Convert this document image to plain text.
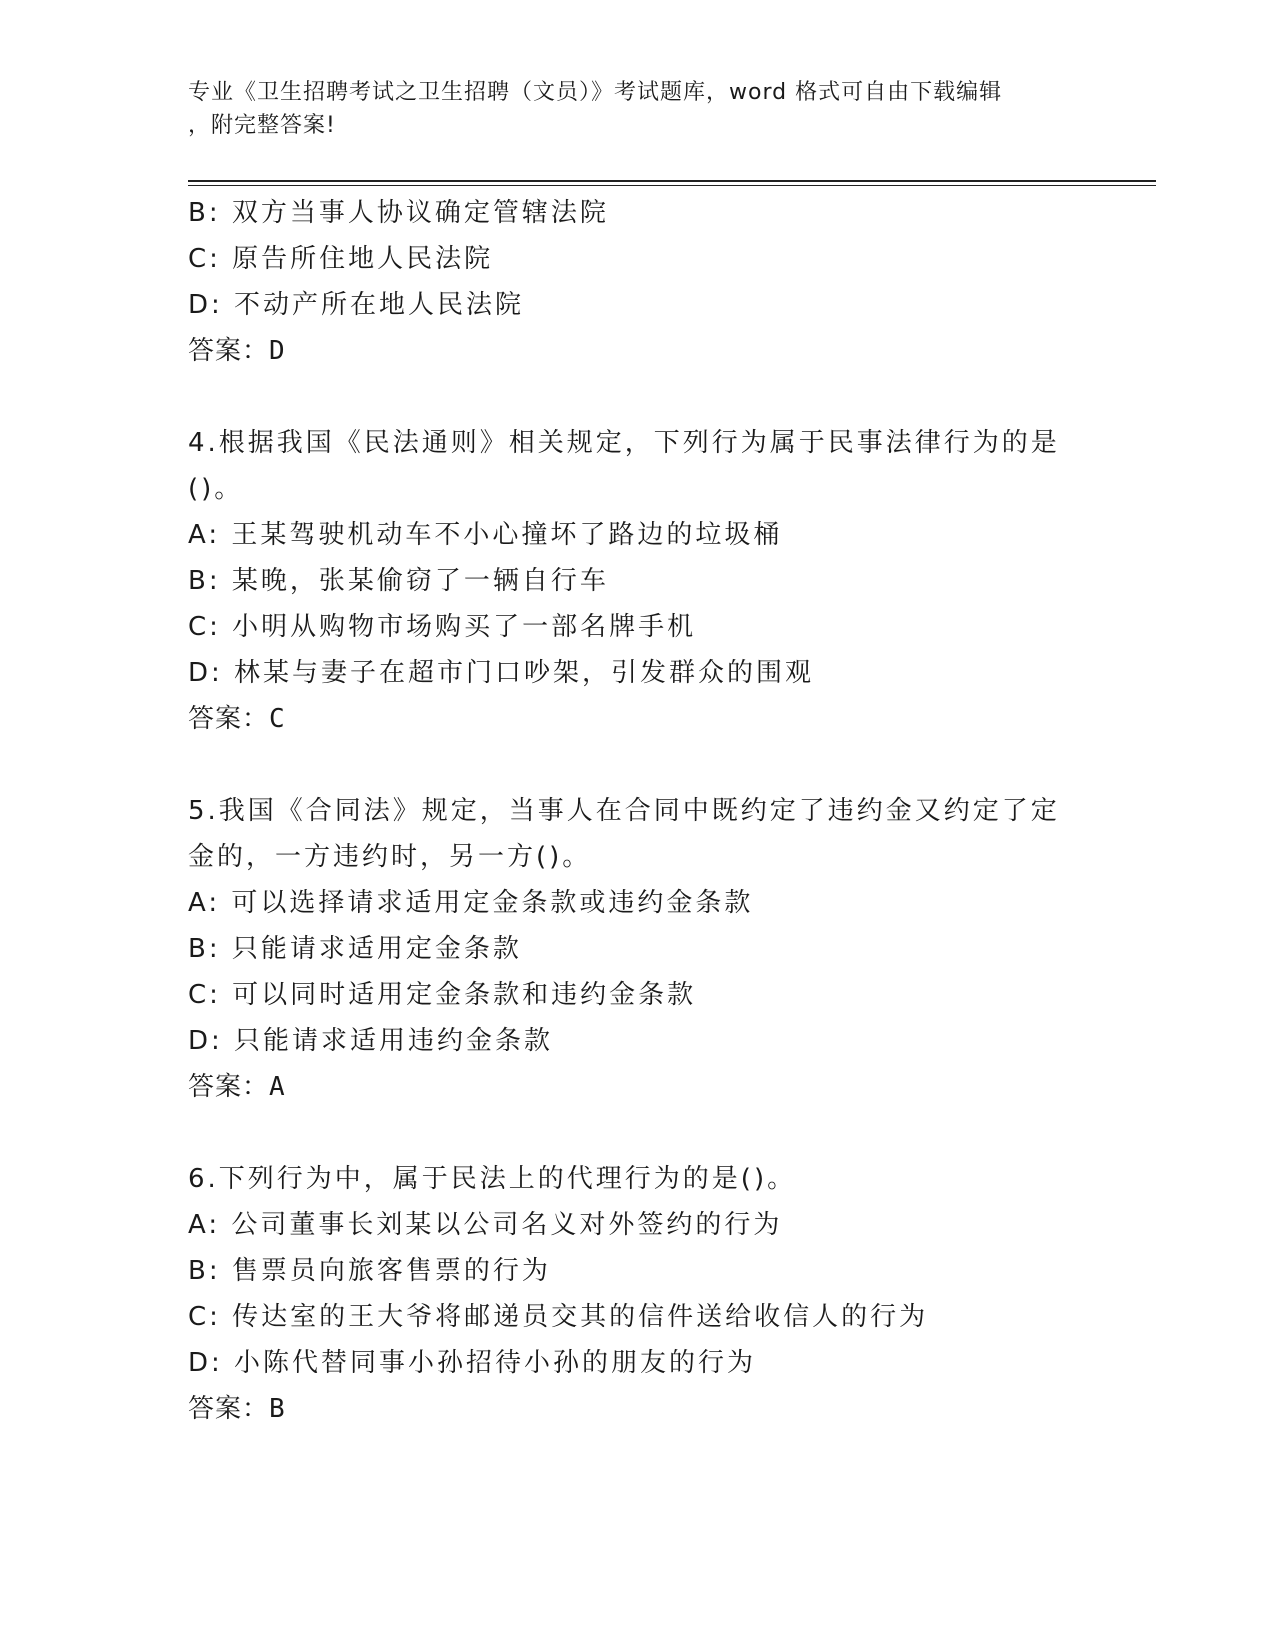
专业《卫生招聘考试之卫生招聘（文员）》考试题库，word 格式可自由下载编辑
，附完整答案!
B: 双方当事人协议确定管辖法院
C: 原告所住地人民法院
D: 不动产所在地人民法院
答案：D
4.根据我国《民法通则》相关规定，下列行为属于民事法律行为的是
()。
A: 王某驾驶机动车不小心撞坏了路边的垃圾桶
B: 某晚，张某偷窃了一辆自行车
C: 小明从购物市场购买了一部名牌手机
D: 林某与妻子在超市门口吵架，引发群众的围观
答案：C
5.我国《合同法》规定，当事人在合同中既约定了违约金又约定了定
金的，一方违约时，另一方()。
A: 可以选择请求适用定金条款或违约金条款
B: 只能请求适用定金条款
C: 可以同时适用定金条款和违约金条款
D: 只能请求适用违约金条款
答案：A
6.下列行为中，属于民法上的代理行为的是()。
A: 公司董事长刘某以公司名义对外签约的行为
B: 售票员向旅客售票的行为
C: 传达室的王大爷将邮递员交其的信件送给收信人的行为
D: 小陈代替同事小孙招待小孙的朋友的行为
答案：B
